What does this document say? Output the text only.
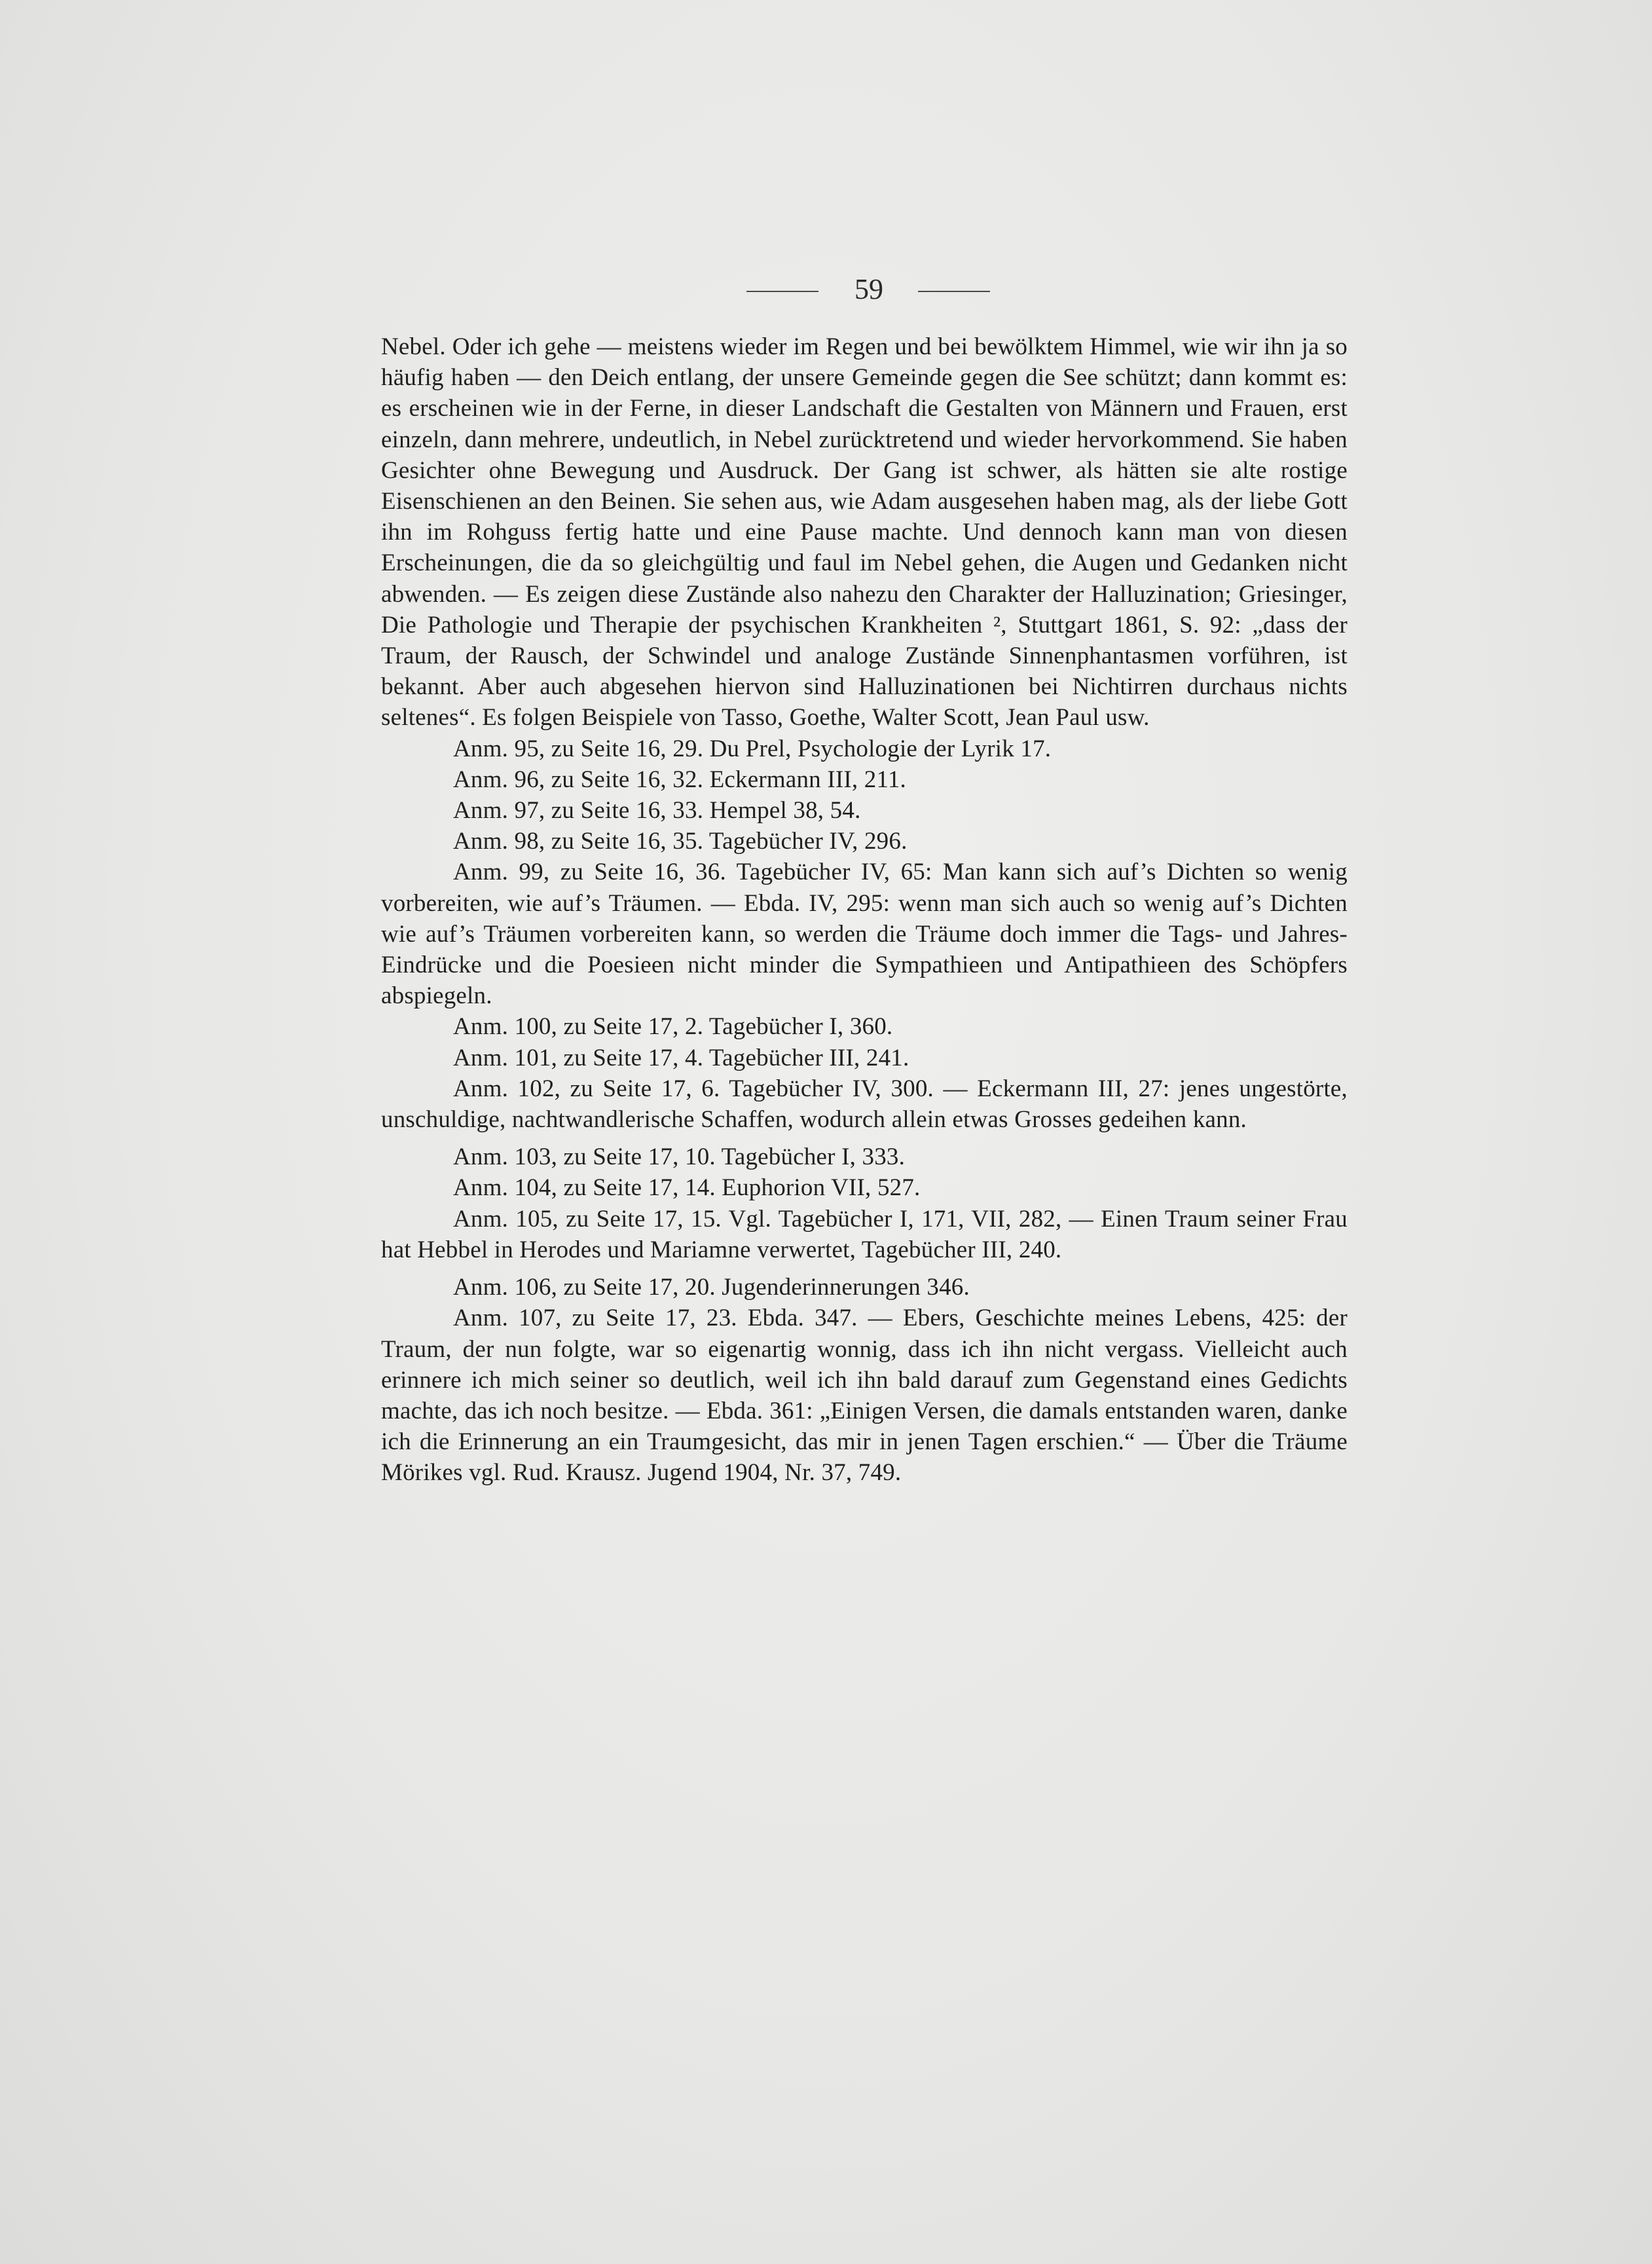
59

Nebel. Oder ich gehe — meistens wieder im Regen und bei bewölktem Himmel, wie wir ihn ja so häufig haben — den Deich entlang, der unsere Gemeinde gegen die See schützt; dann kommt es: es erscheinen wie in der Ferne, in dieser Landschaft die Gestalten von Männern und Frauen, erst einzeln, dann mehrere, undeutlich, in Nebel zurücktretend und wieder hervorkommend. Sie haben Gesichter ohne Bewegung und Ausdruck. Der Gang ist schwer, als hätten sie alte rostige Eisenschienen an den Beinen. Sie sehen aus, wie Adam ausgesehen haben mag, als der liebe Gott ihn im Rohguss fertig hatte und eine Pause machte. Und dennoch kann man von diesen Erscheinungen, die da so gleichgültig und faul im Nebel gehen, die Augen und Gedanken nicht abwenden. — Es zeigen diese Zustände also nahezu den Charakter der Halluzination; Griesinger, Die Pathologie und Therapie der psychischen Krankheiten ², Stuttgart 1861, S. 92: „dass der Traum, der Rausch, der Schwindel und analoge Zustände Sinnenphantasmen vorführen, ist bekannt. Aber auch abgesehen hiervon sind Halluzinationen bei Nichtirren durchaus nichts seltenes“. Es folgen Beispiele von Tasso, Goethe, Walter Scott, Jean Paul usw.

Anm. 95, zu Seite 16, 29. Du Prel, Psychologie der Lyrik 17.

Anm. 96, zu Seite 16, 32. Eckermann III, 211.

Anm. 97, zu Seite 16, 33. Hempel 38, 54.

Anm. 98, zu Seite 16, 35. Tagebücher IV, 296.

Anm. 99, zu Seite 16, 36. Tagebücher IV, 65: Man kann sich auf’s Dichten so wenig vorbereiten, wie auf’s Träumen. — Ebda. IV, 295: wenn man sich auch so wenig auf’s Dichten wie auf’s Träumen vorbereiten kann, so werden die Träume doch immer die Tags- und Jahres-Eindrücke und die Poesieen nicht minder die Sympathieen und Antipathieen des Schöpfers abspiegeln.

Anm. 100, zu Seite 17, 2. Tagebücher I, 360.

Anm. 101, zu Seite 17, 4. Tagebücher III, 241.

Anm. 102, zu Seite 17, 6. Tagebücher IV, 300. — Eckermann III, 27: jenes ungestörte, unschuldige, nachtwandlerische Schaffen, wodurch allein etwas Grosses gedeihen kann.

Anm. 103, zu Seite 17, 10. Tagebücher I, 333.

Anm. 104, zu Seite 17, 14. Euphorion VII, 527.

Anm. 105, zu Seite 17, 15. Vgl. Tagebücher I, 171, VII, 282, — Einen Traum seiner Frau hat Hebbel in Herodes und Mariamne verwertet, Tagebücher III, 240.

Anm. 106, zu Seite 17, 20. Jugenderinnerungen 346.

Anm. 107, zu Seite 17, 23. Ebda. 347. — Ebers, Geschichte meines Lebens, 425: der Traum, der nun folgte, war so eigenartig wonnig, dass ich ihn nicht vergass. Vielleicht auch erinnere ich mich seiner so deutlich, weil ich ihn bald darauf zum Gegenstand eines Gedichts machte, das ich noch besitze. — Ebda. 361: „Einigen Versen, die damals entstanden waren, danke ich die Erinnerung an ein Traumgesicht, das mir in jenen Tagen erschien.“ — Über die Träume Mörikes vgl. Rud. Krausz. Jugend 1904, Nr. 37, 749.
